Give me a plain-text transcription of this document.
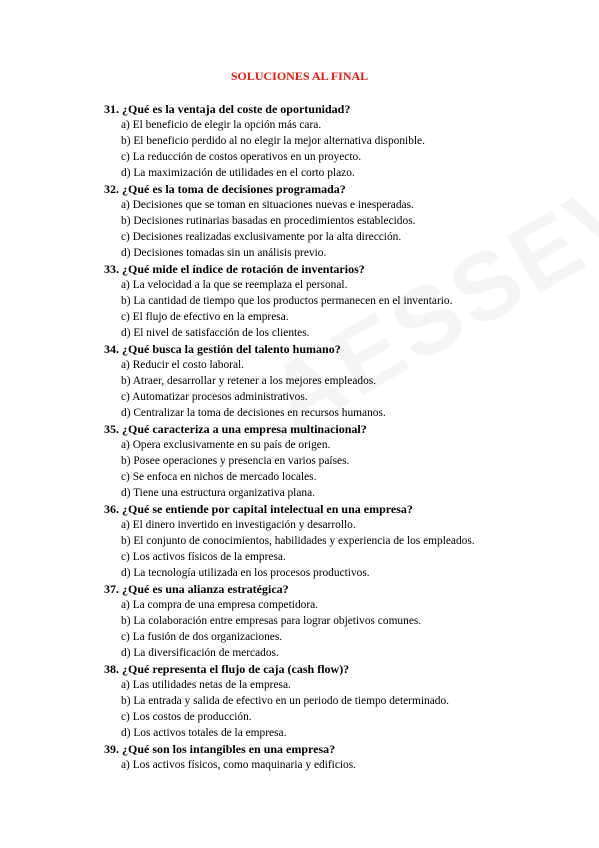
SOLUCIONES AL FINAL
31. ¿Qué es la ventaja del coste de oportunidad?
a) El beneficio de elegir la opción más cara.
b) El beneficio perdido al no elegir la mejor alternativa disponible.
c) La reducción de costos operativos en un proyecto.
d) La maximización de utilidades en el corto plazo.
32. ¿Qué es la toma de decisiones programada?
a) Decisiones que se toman en situaciones nuevas e inesperadas.
b) Decisiones rutinarias basadas en procedimientos establecidos.
c) Decisiones realizadas exclusivamente por la alta dirección.
d) Decisiones tomadas sin un análisis previo.
33. ¿Qué mide el índice de rotación de inventarios?
a) La velocidad a la que se reemplaza el personal.
b) La cantidad de tiempo que los productos permanecen en el inventario.
c) El flujo de efectivo en la empresa.
d) El nivel de satisfacción de los clientes.
34. ¿Qué busca la gestión del talento humano?
a) Reducir el costo laboral.
b) Atraer, desarrollar y retener a los mejores empleados.
c) Automatizar procesos administrativos.
d) Centralizar la toma de decisiones en recursos humanos.
35. ¿Qué caracteriza a una empresa multinacional?
a) Opera exclusivamente en su país de origen.
b) Posee operaciones y presencia en varios países.
c) Se enfoca en nichos de mercado locales.
d) Tiene una estructura organizativa plana.
36. ¿Qué se entiende por capital intelectual en una empresa?
a) El dinero invertido en investigación y desarrollo.
b) El conjunto de conocimientos, habilidades y experiencia de los empleados.
c) Los activos físicos de la empresa.
d) La tecnología utilizada en los procesos productivos.
37. ¿Qué es una alianza estratégica?
a) La compra de una empresa competidora.
b) La colaboración entre empresas para lograr objetivos comunes.
c) La fusión de dos organizaciones.
d) La diversificación de mercados.
38. ¿Qué representa el flujo de caja (cash flow)?
a) Las utilidades netas de la empresa.
b) La entrada y salida de efectivo en un periodo de tiempo determinado.
c) Los costos de producción.
d) Los activos totales de la empresa.
39. ¿Qué son los intangibles en una empresa?
a) Los activos físicos, como maquinaria y edificios.
